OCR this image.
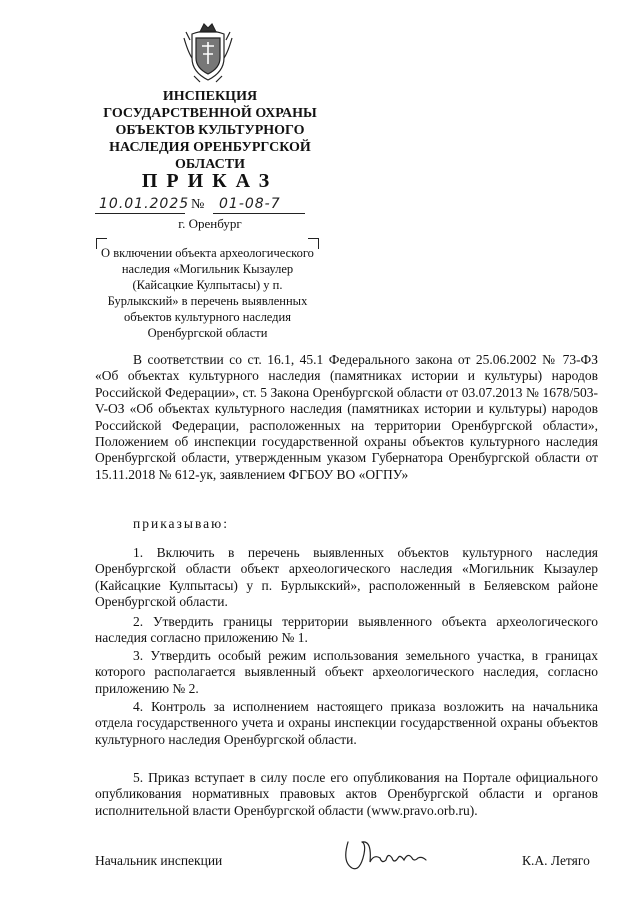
ИНСПЕКЦИЯ
ГОСУДАРСТВЕННОЙ ОХРАНЫ
ОБЪЕКТОВ КУЛЬТУРНОГО
НАСЛЕДИЯ ОРЕНБУРГСКОЙ
ОБЛАСТИ
ПРИКАЗ
10.01.2025 № 01-08-7
г. Оренбург
О включении объекта археологического наследия «Могильник Кызаулер (Кайсацкие Кулпытасы) у п. Бурлыкский» в перечень выявленных объектов культурного наследия Оренбургской области
В соответствии со ст. 16.1, 45.1 Федерального закона от 25.06.2002 № 73-ФЗ «Об объектах культурного наследия (памятниках истории и культуры) народов Российской Федерации», ст. 5 Закона Оренбургской области от 03.07.2013 № 1678/503-V-ОЗ «Об объектах культурного наследия (памятниках истории и культуры) народов Российской Федерации, расположенных на территории Оренбургской области», Положением об инспекции государственной охраны объектов культурного наследия Оренбургской области, утвержденным указом Губернатора Оренбургской области от 15.11.2018 № 612-ук, заявлением ФГБОУ ВО «ОГПУ»
приказываю:
1. Включить в перечень выявленных объектов культурного наследия Оренбургской области объект археологического наследия «Могильник Кызаулер (Кайсацкие Кулпытасы) у п. Бурлыкский», расположенный в Беляевском районе Оренбургской области.
2. Утвердить границы территории выявленного объекта археологического наследия согласно приложению № 1.
3. Утвердить особый режим использования земельного участка, в границах которого располагается выявленный объект археологического наследия, согласно приложению № 2.
4. Контроль за исполнением настоящего приказа возложить на начальника отдела государственного учета и охраны инспекции государственной охраны объектов культурного наследия Оренбургской области.
5. Приказ вступает в силу после его опубликования на Портале официального опубликования нормативных правовых актов Оренбургской области и органов исполнительной власти Оренбургской области (www.pravo.orb.ru).
Начальник инспекции	К.А. Летяго
